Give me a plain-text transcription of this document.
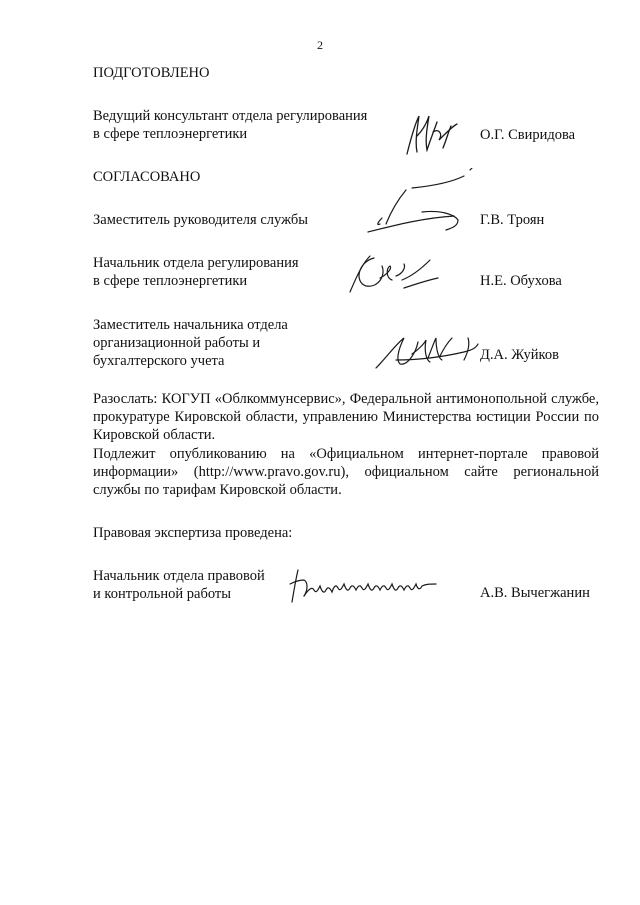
2
ПОДГОТОВЛЕНО
Ведущий консультант отдела регулирования
в сфере теплоэнергетики	О.Г. Свиридова
СОГЛАСОВАНО
Заместитель руководителя службы	Г.В. Троян
Начальник отдела регулирования
в сфере теплоэнергетики	Н.Е. Обухова
Заместитель начальника отдела
организационной работы и
бухгалтерского учета	Д.А. Жуйков
Разослать: КОГУП «Облкоммунсервис», Федеральной антимонопольной службе, прокуратуре Кировской области, управлению Министерства юстиции России по Кировской области.
Подлежит опубликованию на «Официальном интернет-портале правовой информации» (http://www.pravo.gov.ru), официальном сайте региональной службы по тарифам Кировской области.
Правовая экспертиза проведена:
Начальник отдела правовой
и контрольной работы	А.В. Вычегжанин
